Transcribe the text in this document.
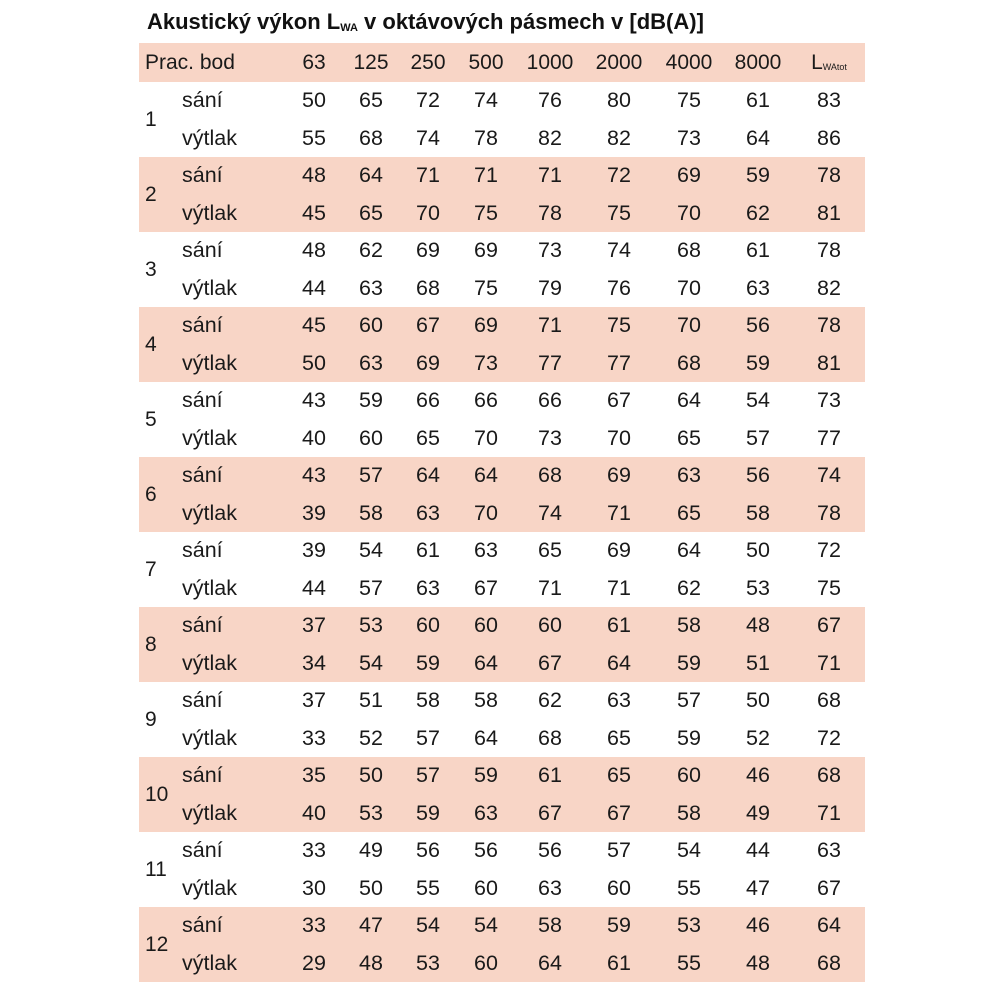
Akustický výkon $L_{WA}$ v oktávových pásmech v [dB(A)]
Prac. bod	63	125	250	500	1000	2000	4000	8000	$L_{WAtot}$
1
sání	50	65	72	74	76	80	75	61	83
výtlak	55	68	74	78	82	82	73	64	86
2
sání	48	64	71	71	71	72	69	59	78
výtlak	45	65	70	75	78	75	70	62	81
3
sání	48	62	69	69	73	74	68	61	78
výtlak	44	63	68	75	79	76	70	63	82
4
sání	45	60	67	69	71	75	70	56	78
výtlak	50	63	69	73	77	77	68	59	81
5
sání	43	59	66	66	66	67	64	54	73
výtlak	40	60	65	70	73	70	65	57	77
6
sání	43	57	64	64	68	69	63	56	74
výtlak	39	58	63	70	74	71	65	58	78
7
sání	39	54	61	63	65	69	64	50	72
výtlak	44	57	63	67	71	71	62	53	75
8
sání	37	53	60	60	60	61	58	48	67
výtlak	34	54	59	64	67	64	59	51	71
9
sání	37	51	58	58	62	63	57	50	68
výtlak	33	52	57	64	68	65	59	52	72
10
sání	35	50	57	59	61	65	60	46	68
výtlak	40	53	59	63	67	67	58	49	71
11
sání	33	49	56	56	56	57	54	44	63
výtlak	30	50	55	60	63	60	55	47	67
12
sání	33	47	54	54	58	59	53	46	64
výtlak	29	48	53	60	64	61	55	48	68
